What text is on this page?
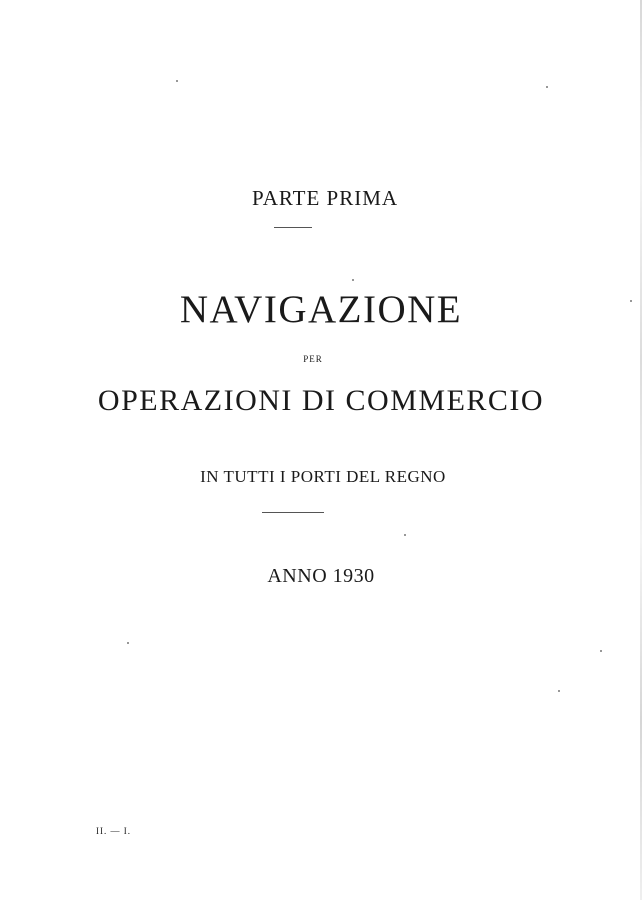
PARTE PRIMA
NAVIGAZIONE
PER
OPERAZIONI DI COMMERCIO
IN TUTTI I PORTI DEL REGNO
ANNO 1930
II. — I.
